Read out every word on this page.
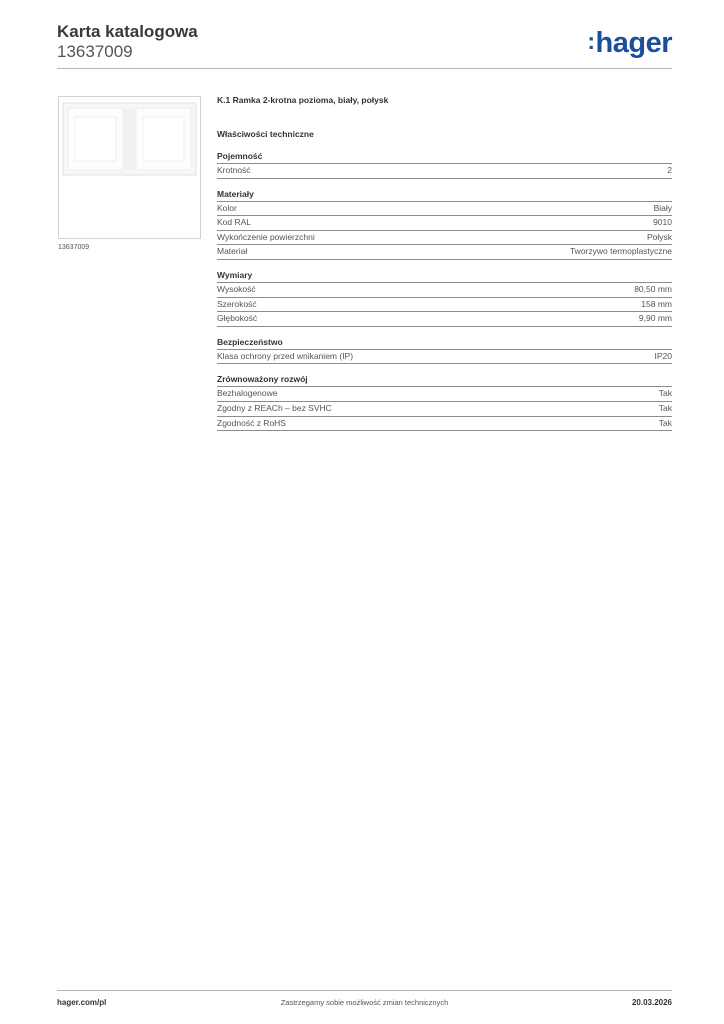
Karta katalogowa
13637009	:hager
13637009
K.1 Ramka 2-krotna pozioma, biały, połysk
Właściwości techniczne
Pojemność
Krotność	2
Materiały
Kolor	Biały
Kod RAL	9010
Wykończenie powierzchni	Połysk
Materiał	Tworzywo termoplastyczne
Wymiary
Wysokość	80,50 mm
Szerokość	158 mm
Głębokość	9,90 mm
Bezpieczeństwo
Klasa ochrony przed wnikaniem (IP)	IP20
Zrównoważony rozwój
Bezhalogenowe	Tak
Zgodny z REACh – bez SVHC	Tak
Zgodność z RoHS	Tak
hager.com/pl	Zastrzegamy sobie możliwość zmian technicznych	20.03.2026
